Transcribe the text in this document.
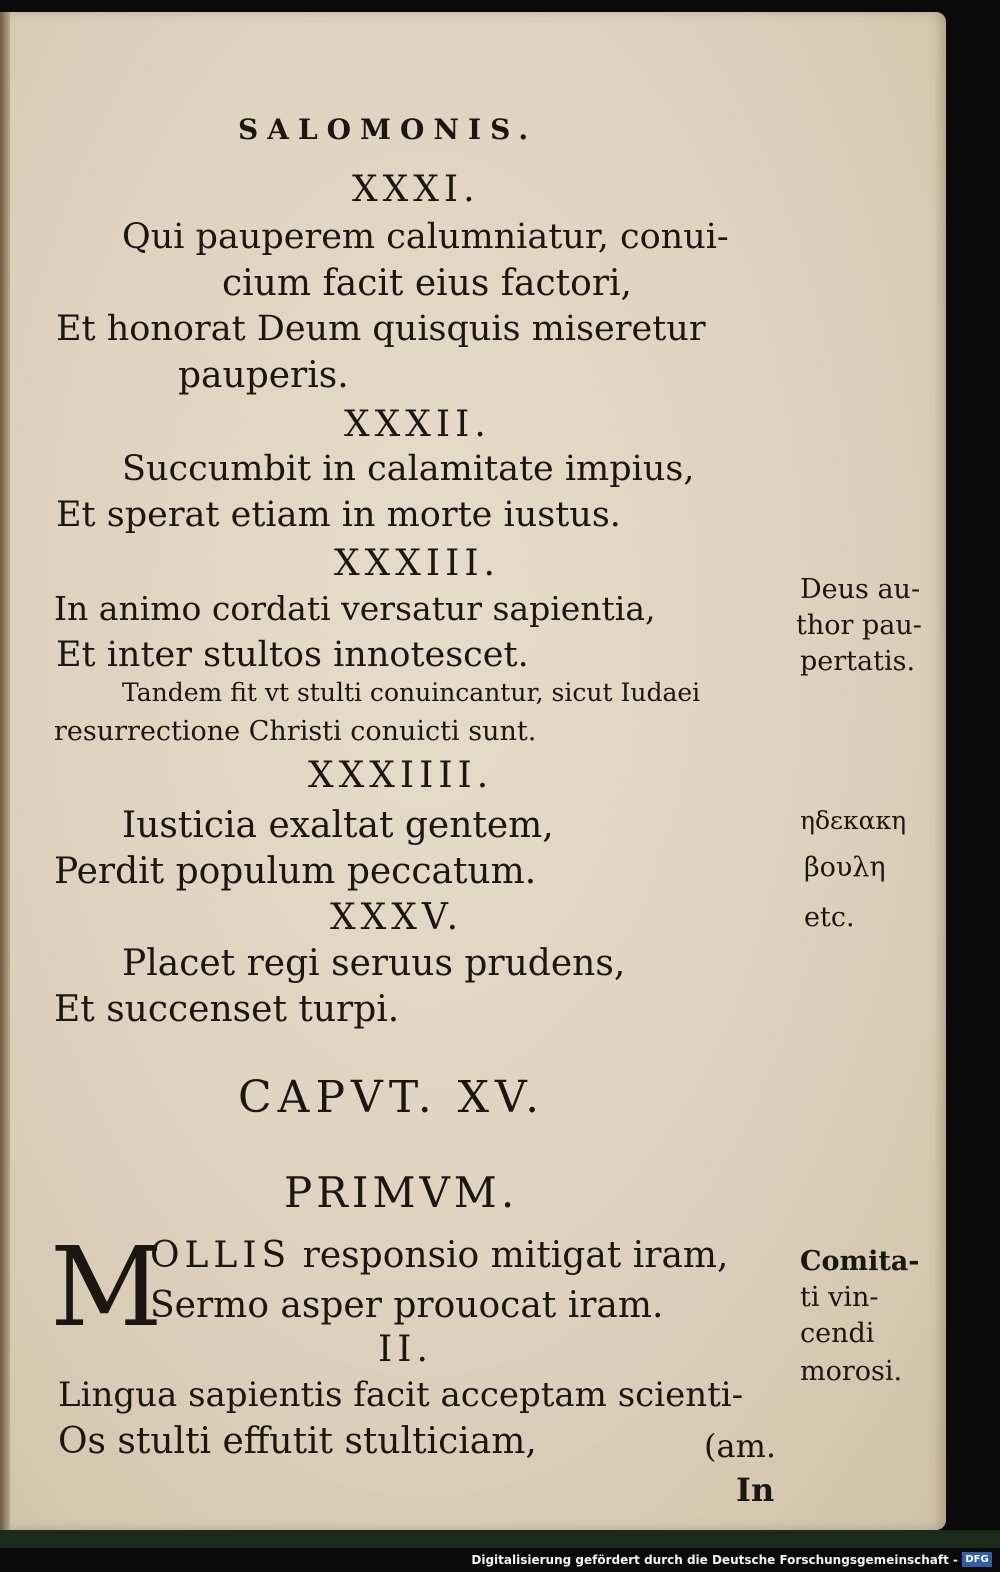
SALOMONIS.
XXXI.
Qui pauperem calumniatur, conui-
cium facit eius factori,
Et honorat Deum quisquis miseretur
pauperis.
XXXII.
Succumbit in calamitate impius,
Et sperat etiam in morte iustus.
XXXIII.
In animo cordati versatur sapientia,
Et inter stultos innotescet.
Tandem fit vt stulti conuincantur, sicut Iudaei
resurrectione Christi conuicti sunt.
XXXIIII.
Iusticia exaltat gentem,
Perdit populum peccatum.
XXXV.
Placet regi seruus prudens,
Et succenset turpi.
CAPVT. XV.
PRIMVM.
M
OLLIS responsio mitigat iram,
Sermo asper prouocat iram.
II.
Lingua sapientis facit acceptam scienti-
Os stulti effutit stulticiam,	(am.
In
Deus au-
thor pau-
pertatis.
ηδεκακη
βουλη
etc.
Comita-
ti vin-
cendi
morosi.
Digitalisierung gefördert durch die Deutsche Forschungsgemeinschaft - DFG
